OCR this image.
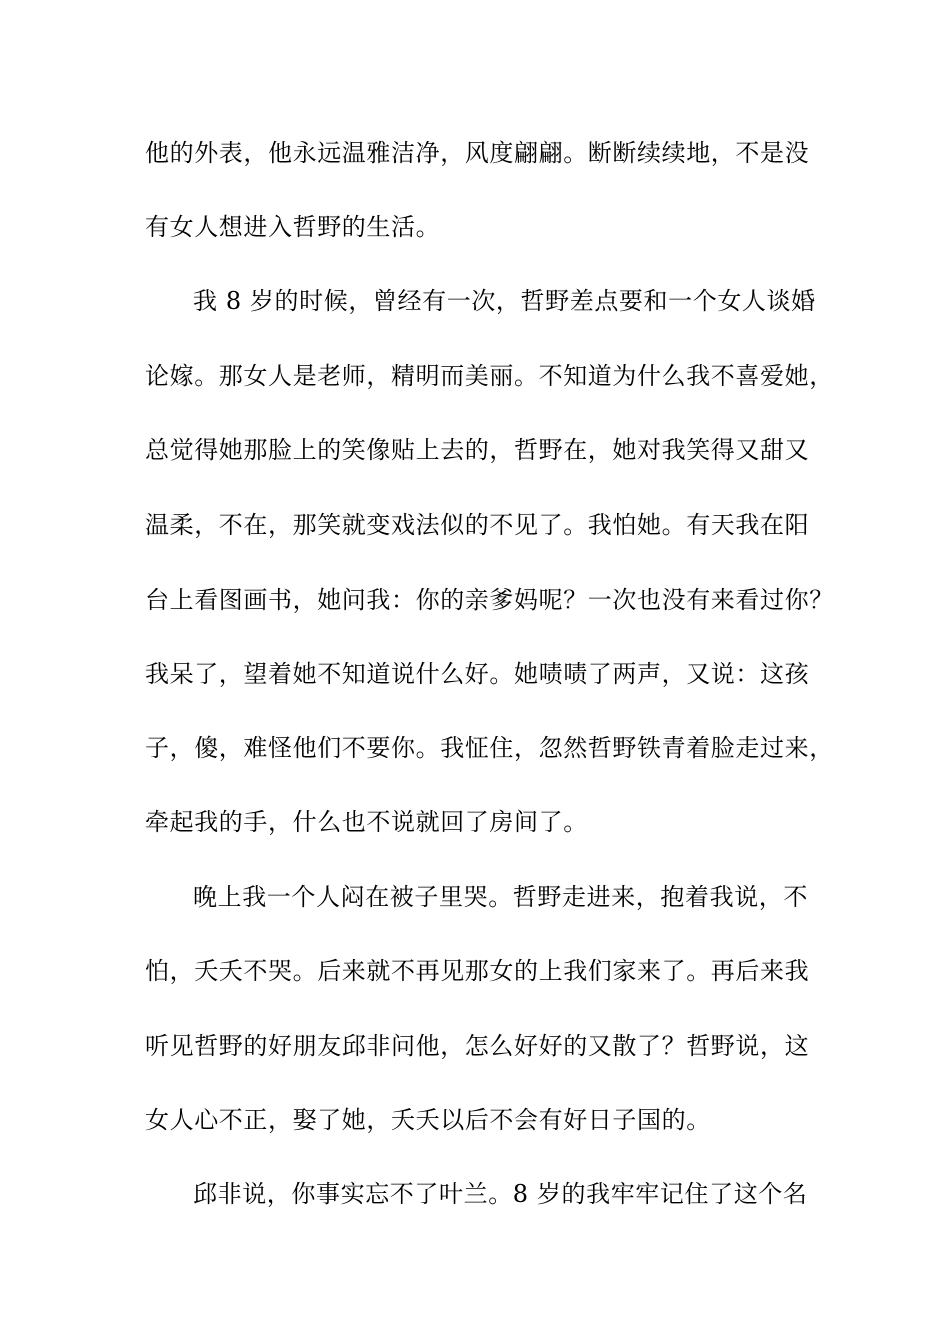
他的外表，他永远温雅洁净，风度翩翩。断断续续地，不是没
有女人想进入哲野的生活。
我 8 岁的时候，曾经有一次，哲野差点要和一个女人谈婚
论嫁。那女人是老师，精明而美丽。不知道为什么我不喜爱她，
总觉得她那脸上的笑像贴上去的，哲野在，她对我笑得又甜又
温柔，不在，那笑就变戏法似的不见了。我怕她。有天我在阳
台上看图画书，她问我：你的亲爹妈呢？一次也没有来看过你？
我呆了，望着她不知道说什么好。她啧啧了两声，又说：这孩
子，傻，难怪他们不要你。我怔住，忽然哲野铁青着脸走过来，
牵起我的手，什么也不说就回了房间了。
晚上我一个人闷在被子里哭。哲野走进来，抱着我说，不
怕，夭夭不哭。后来就不再见那女的上我们家来了。再后来我
听见哲野的好朋友邱非问他，怎么好好的又散了？哲野说，这
女人心不正，娶了她，夭夭以后不会有好日子国的。
邱非说，你事实忘不了叶兰。8 岁的我牢牢记住了这个名
